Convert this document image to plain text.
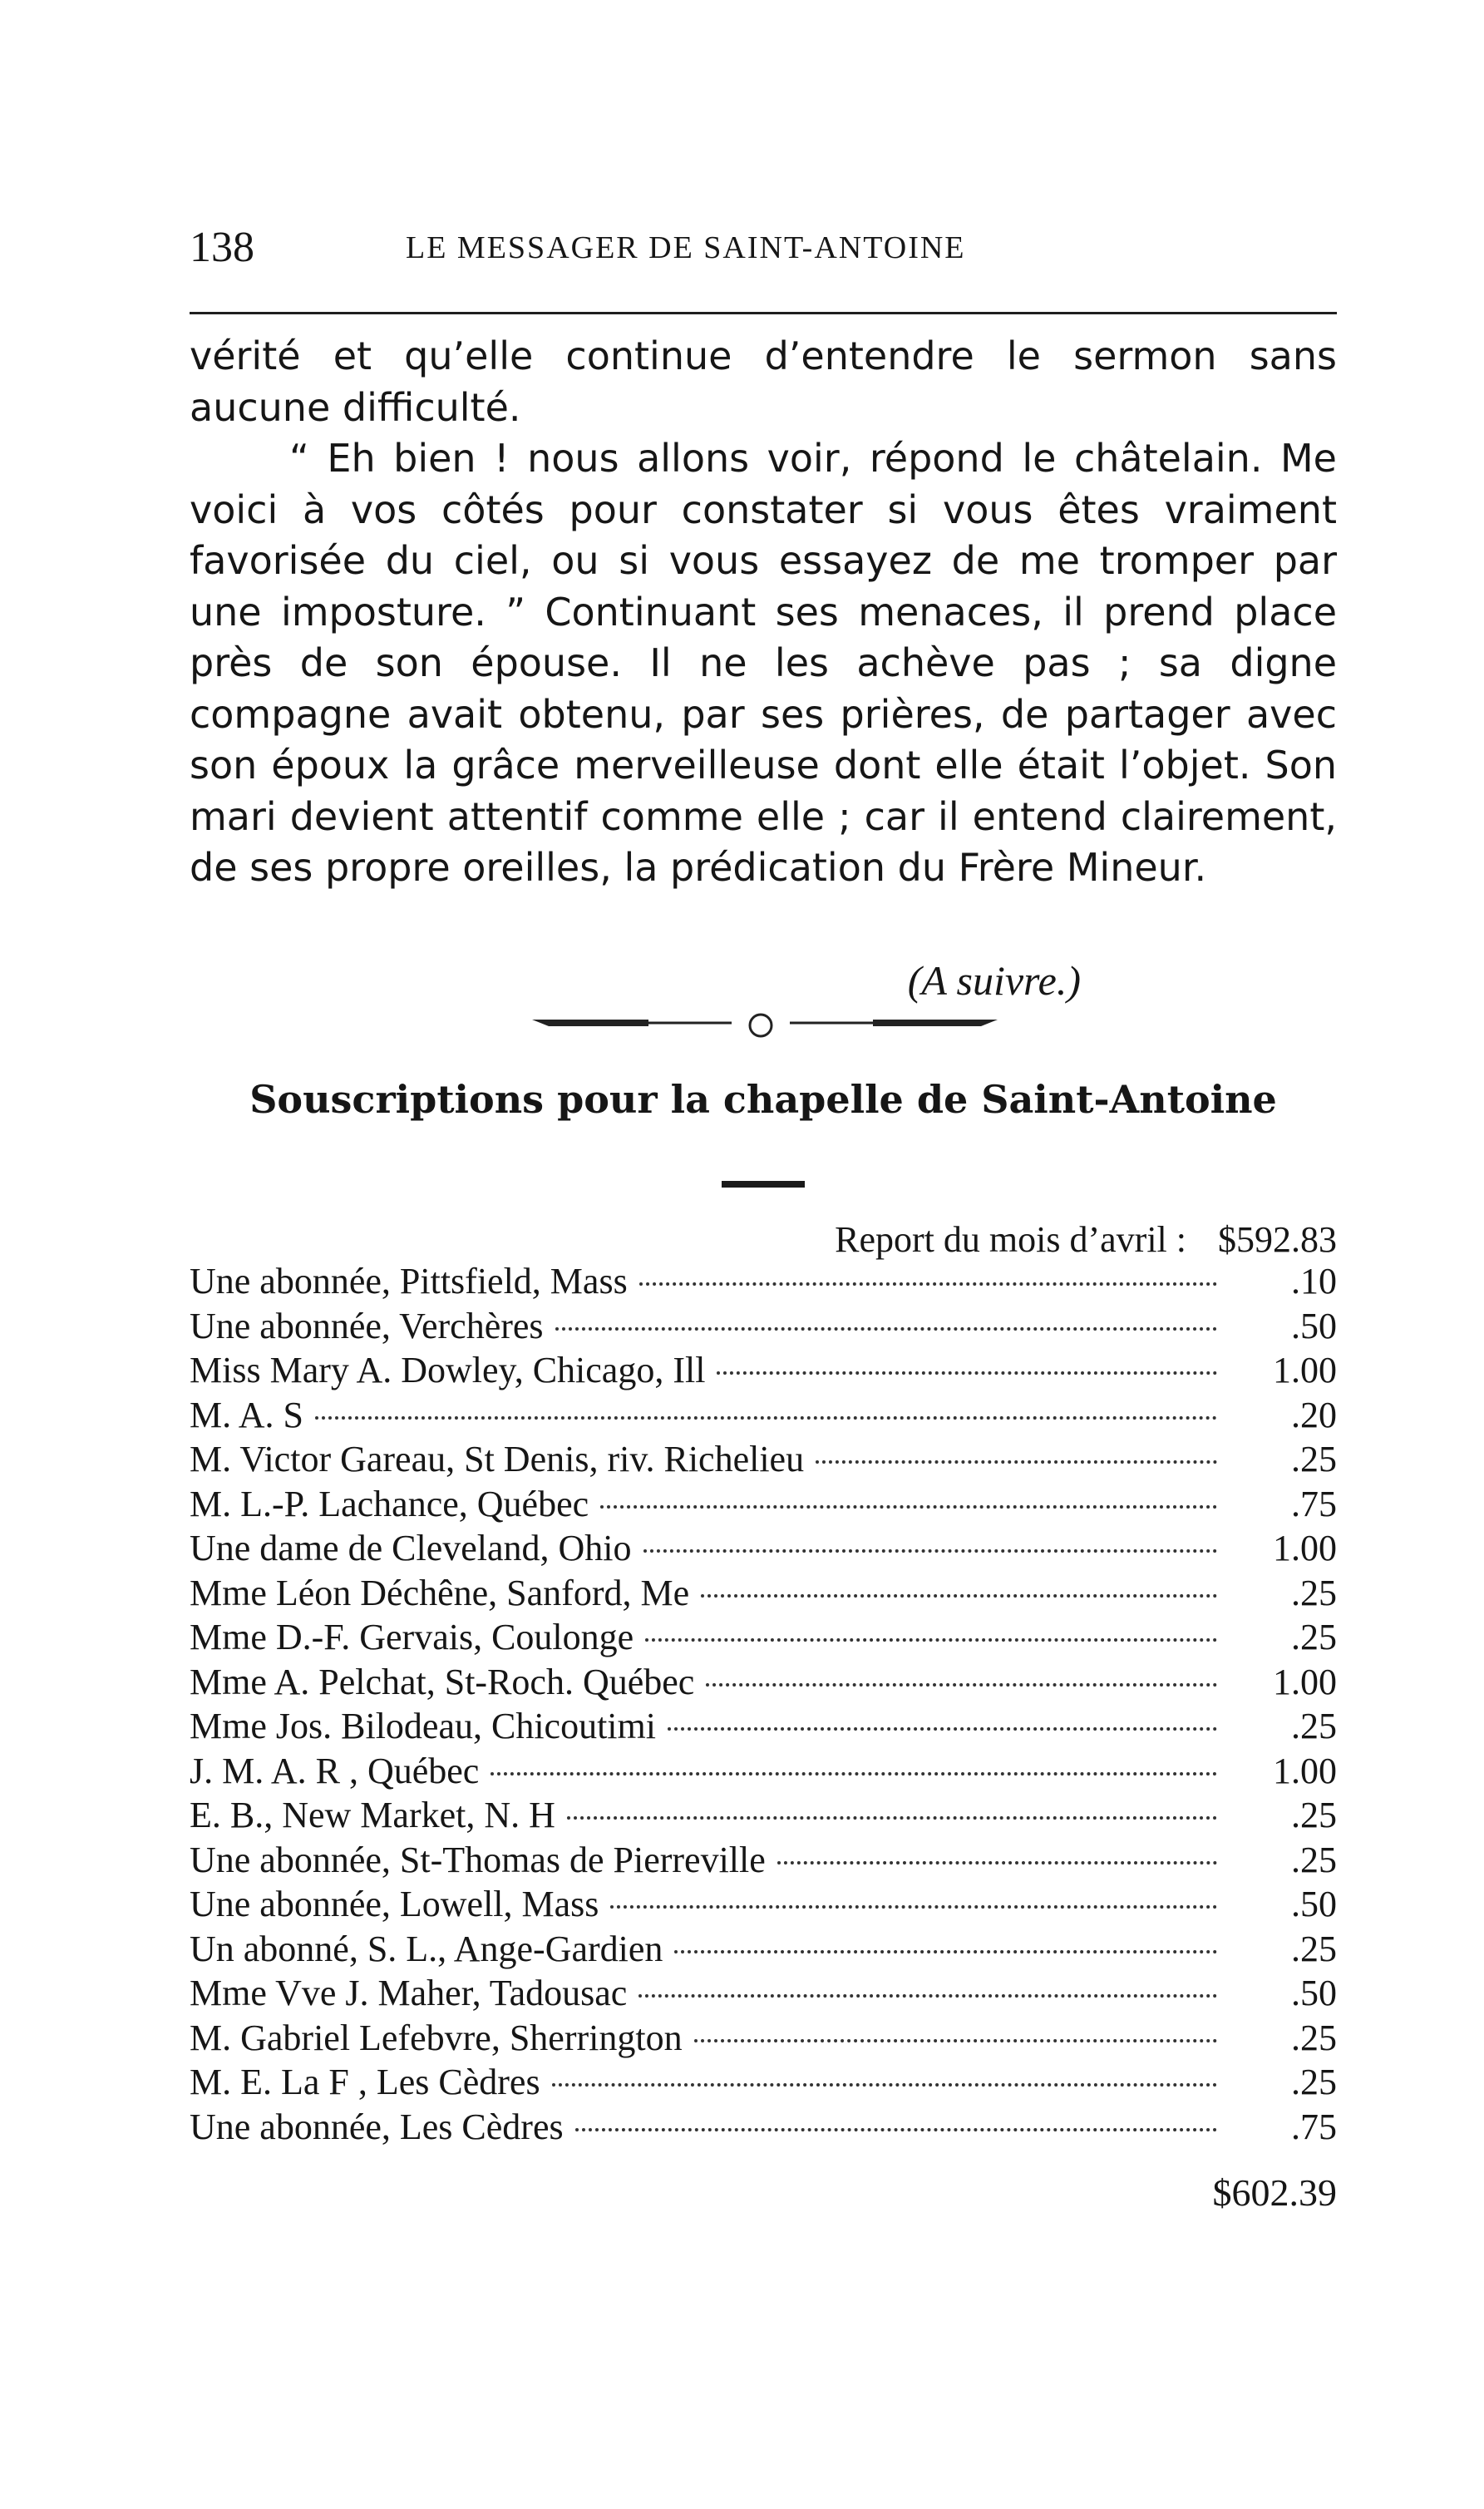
138	LE MESSAGER DE SAINT-ANTOINE

vérité et qu’elle continue d’entendre le sermon sans aucune difficulté.

“ Eh bien ! nous allons voir, répond le châtelain. Me voici à vos côtés pour constater si vous êtes vraiment favorisée du ciel, ou si vous essayez de me tromper par une imposture. ” Continuant ses menaces, il prend place près de son épouse. Il ne les achève pas ; sa digne compagne avait obtenu, par ses prières, de partager avec son époux la grâce merveilleuse dont elle était l’objet. Son mari devient attentif comme elle ; car il entend clairement, de ses propre oreilles, la prédication du Frère Mineur.

(A suivre.)
Souscriptions pour la chapelle de Saint-Antoine
Report du mois d’avril : $592.83
Une abonnée, Pittsfield, Mass	.10
Une abonnée, Verchères	.50
Miss Mary A. Dowley, Chicago, Ill	1.00
M. A. S	.20
M. Victor Gareau, St Denis, riv. Richelieu	.25
M. L.-P. Lachance, Québec	.75
Une dame de Cleveland, Ohio	1.00
Mme Léon Déchêne, Sanford, Me	.25
Mme D.-F. Gervais, Coulonge	.25
Mme A. Pelchat, St-Roch. Québec	1.00
Mme Jos. Bilodeau, Chicoutimi	.25
J. M. A. R , Québec	1.00
E. B., New Market, N. H	.25
Une abonnée, St-Thomas de Pierreville	.25
Une abonnée, Lowell, Mass	.50
Un abonné, S. L., Ange-Gardien	.25
Mme Vve J. Maher, Tadousac	.50
M. Gabriel Lefebvre, Sherrington	.25
M. E. La F , Les Cèdres	.25
Une abonnée, Les Cèdres	.75
$602.39
